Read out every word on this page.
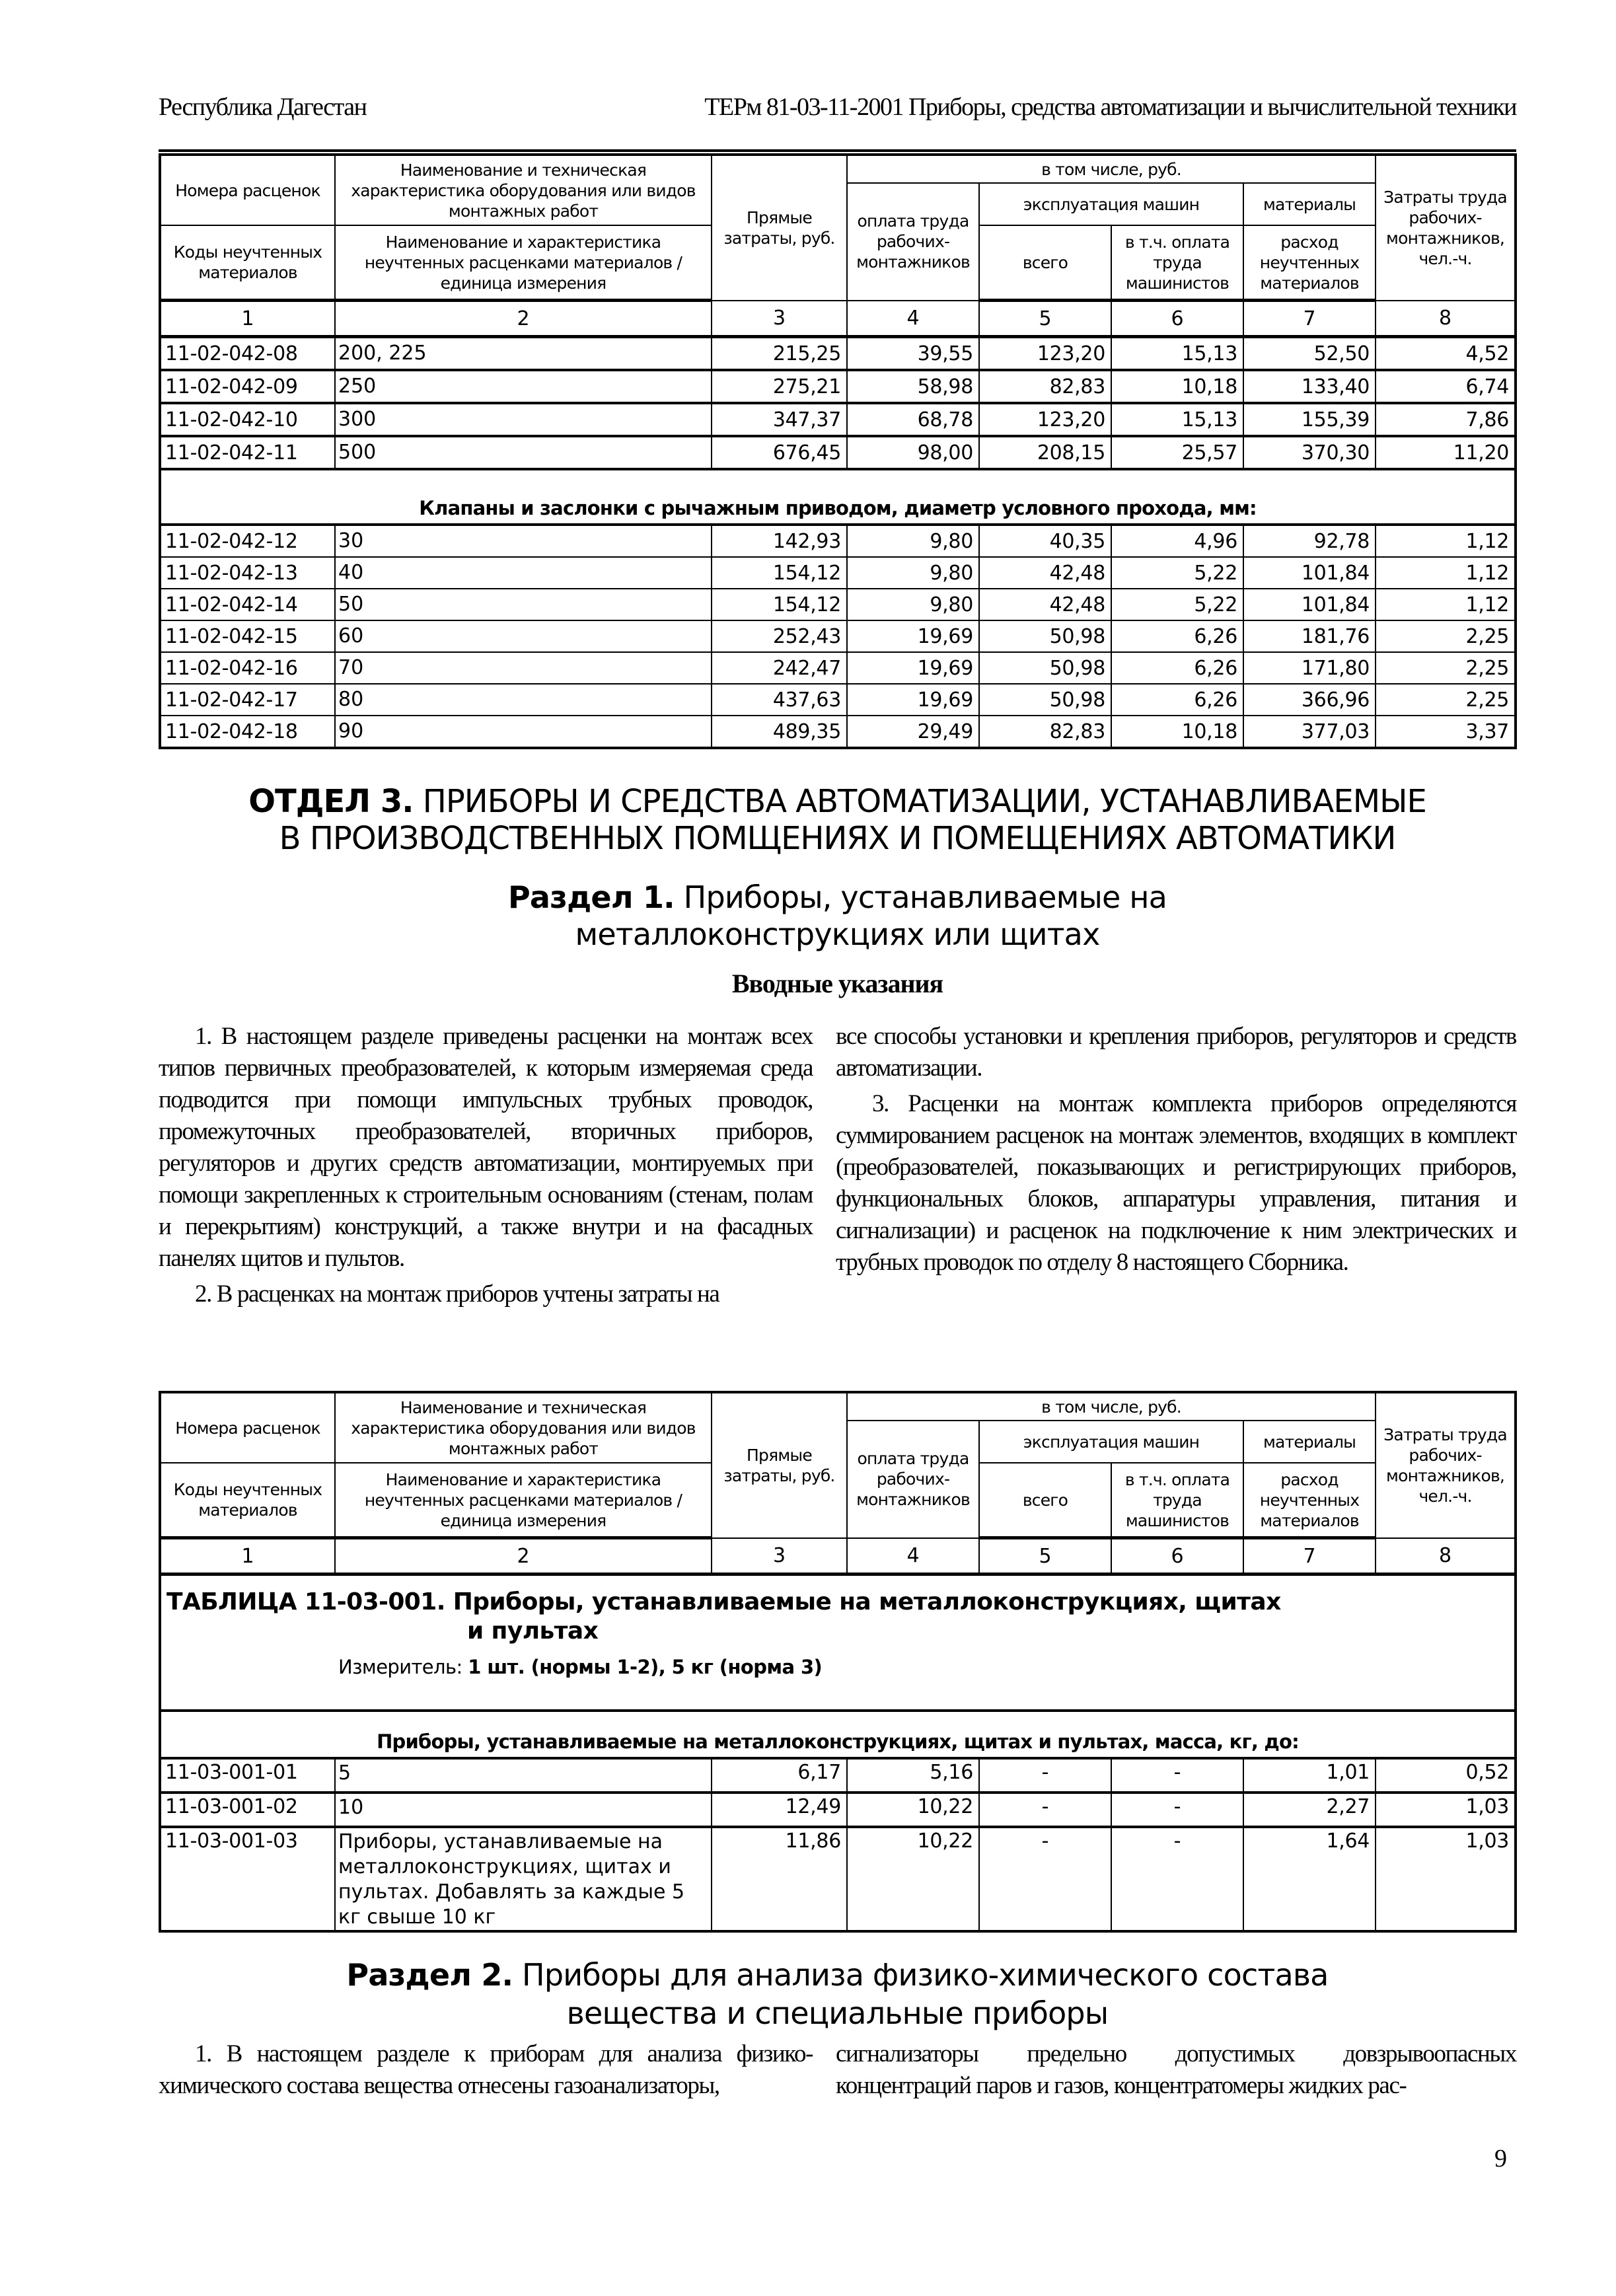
Республика Дагестан	ТЕРм 81-03-11-2001 Приборы, средства автоматизации и вычислительной техники
Номера расценок	Наименование и техническая характеристика оборудования или видов монтажных работ	Прямые затраты, руб.	в том числе, руб.				Затраты труда рабочих-монтажников, чел.-ч.
			оплата труда рабочих-монтажников	эксплуатация машин		материалы	
Коды неучтенных материалов	Наименование и характеристика неучтенных расценками материалов / единица измерения			всего	в т.ч. оплата труда машинистов	расход неучтенных материалов	

1	2	3	4	5	6	7	8
11-02-042-08	200, 225	215,25	39,55	123,20	15,13	52,50	4,52
11-02-042-09	250	275,21	58,98	82,83	10,18	133,40	6,74
11-02-042-10	300	347,37	68,78	123,20	15,13	155,39	7,86
11-02-042-11	500	676,45	98,00	208,15	25,57	370,30	11,20
Клапаны и заслонки с рычажным приводом, диаметр условного прохода, мм:							
11-02-042-12	30	142,93	9,80	40,35	4,96	92,78	1,12
11-02-042-13	40	154,12	9,80	42,48	5,22	101,84	1,12
11-02-042-14	50	154,12	9,80	42,48	5,22	101,84	1,12
11-02-042-15	60	252,43	19,69	50,98	6,26	181,76	2,25
11-02-042-16	70	242,47	19,69	50,98	6,26	171,80	2,25
11-02-042-17	80	437,63	19,69	50,98	6,26	366,96	2,25
11-02-042-18	90	489,35	29,49	82,83	10,18	377,03	3,37
ОТДЕЛ 3. ПРИБОРЫ И СРЕДСТВА АВТОМАТИЗАЦИИ, УСТАНАВЛИВАЕМЫЕ
В ПРОИЗВОДСТВЕННЫХ ПОМЩЕНИЯХ И ПОМЕЩЕНИЯХ АВТОМАТИКИ
Раздел 1. Приборы, устанавливаемые на
металлоконструкциях или щитах
Вводные указания

1. В настоящем разделе приведены расценки на монтаж всех типов первичных преобразователей, к которым измеряемая среда подводится при помощи импульсных трубных проводок, промежуточных преобразователей, вторичных приборов, регуляторов и других средств автоматизации, монтируемых при помощи закрепленных к строительным основаниям (стенам, полам и перекрытиям) конструкций, а также внутри и на фасадных панелях щитов и пультов.

2. В расценках на монтаж приборов учтены затраты на

все способы установки и крепления приборов, регуляторов и средств автоматизации.

3. Расценки на монтаж комплекта приборов определяются суммированием расценок на монтаж элементов, входящих в комплект (преобразователей, показывающих и регистрирующих приборов, функциональных блоков, аппаратуры управления, питания и сигнализации) и расценок на подключение к ним электрических и трубных проводок по отделу 8 настоящего Сборника.

Номера расценок	Наименование и техническая характеристика оборудования или видов монтажных работ	Прямые затраты, руб.	в том числе, руб.				Затраты труда рабочих-монтажников, чел.-ч.
			оплата труда рабочих-монтажников	эксплуатация машин		материалы	
Коды неучтенных материалов	Наименование и характеристика неучтенных расценками материалов / единица измерения			всего	в т.ч. оплата труда машинистов	расход неучтенных материалов	

1	2	3	4	5	6	7	8
ТАБЛИЦА 11-03-001. Приборы, устанавливаемые на металлоконструкциях, щитах
и пультах
Измеритель: 1 шт. (нормы 1-2), 5 кг (норма 3)							

Приборы, устанавливаемые на металлоконструкциях, щитах и пультах, масса, кг, до:							
11-03-001-01	5	6,17	5,16	-	-	1,01	0,52
11-03-001-02	10	12,49	10,22	-	-	2,27	1,03
11-03-001-03	Приборы, устанавливаемые на металлоконструкциях, щитах и пультах. Добавлять за каждые 5 кг свыше 10 кг	11,86	10,22	-	-	1,64	1,03
Раздел 2. Приборы для анализа физико-химического состава
вещества и специальные приборы

1. В настоящем разделе к приборам для анализа физико-химического состава вещества отнесены газоанализаторы,

сигнализаторы предельно допустимых довзрывоопасных концентраций паров и газов, концентратомеры жидких рас-

9
